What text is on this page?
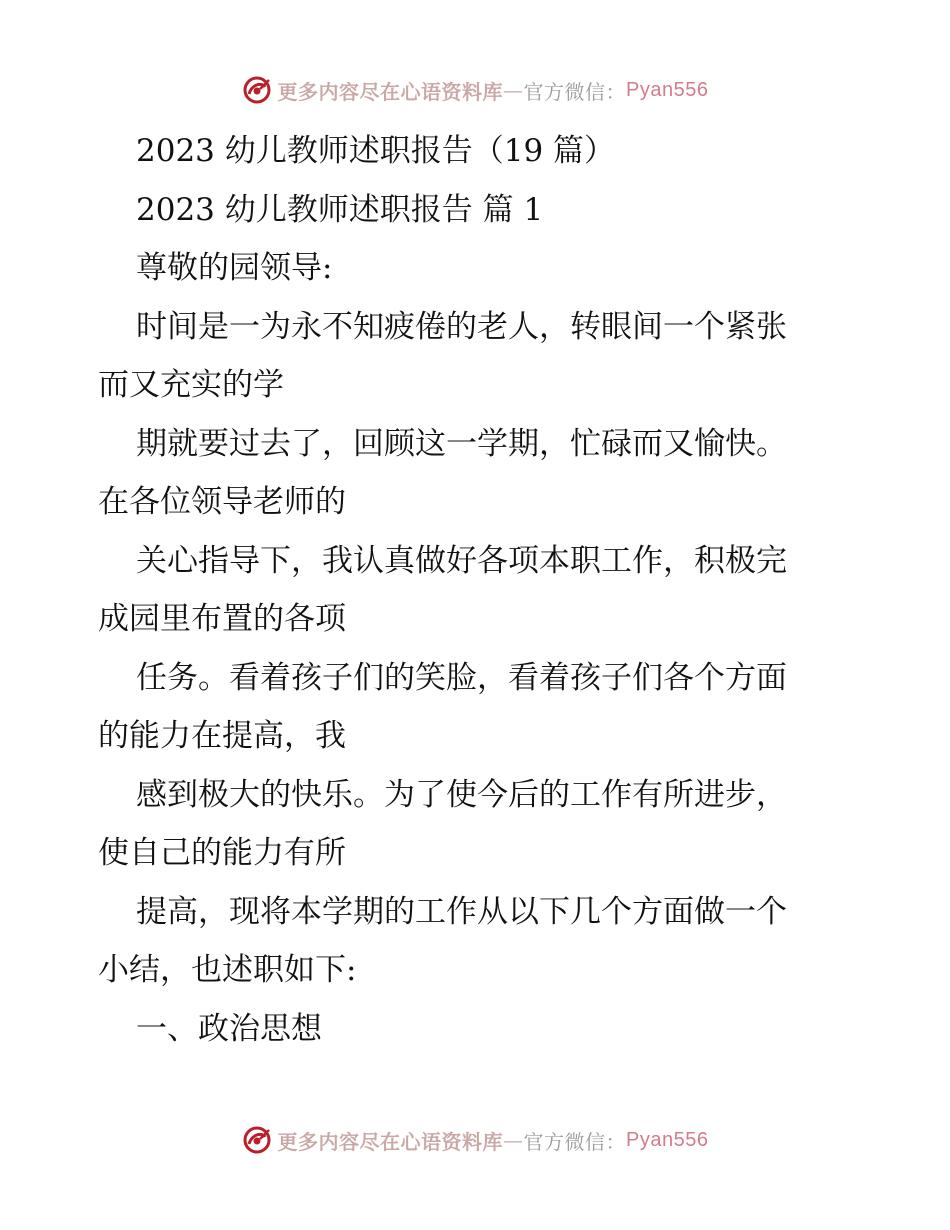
更多内容尽在心语资料库 — 官方微信： Pyan556
2023 幼儿教师述职报告（19 篇）
2023 幼儿教师述职报告 篇 1
尊敬的园领导:
时间是一为永不知疲倦的老人，转眼间一个紧张
而又充实的学
期就要过去了，回顾这一学期，忙碌而又愉快。
在各位领导老师的
关心指导下，我认真做好各项本职工作，积极完
成园里布置的各项
任务。看着孩子们的笑脸，看着孩子们各个方面
的能力在提高，我
感到极大的快乐。为了使今后的工作有所进步，
使自己的能力有所
提高，现将本学期的工作从以下几个方面做一个
小结，也述职如下:
一、政治思想
更多内容尽在心语资料库 — 官方微信： Pyan556
